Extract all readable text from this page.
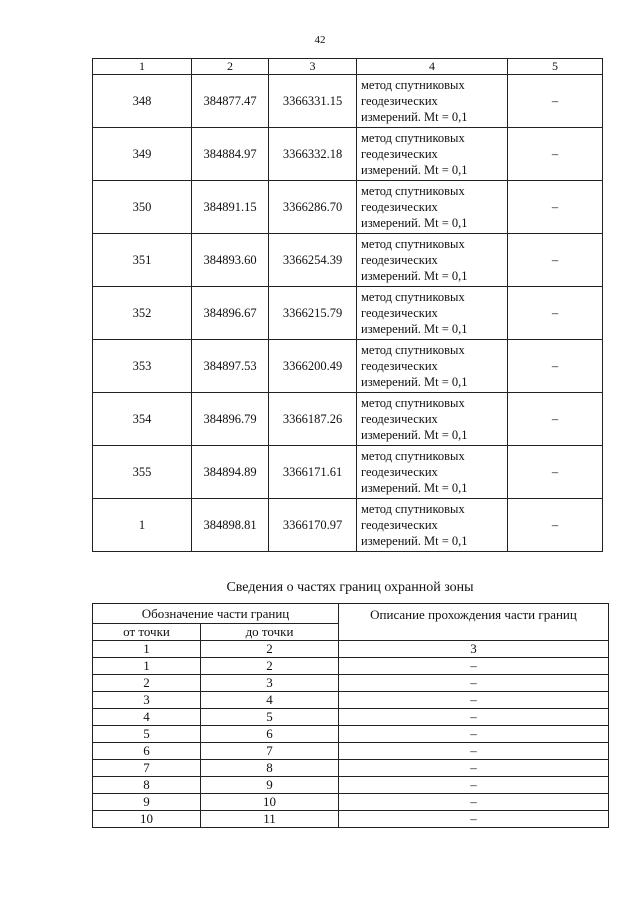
42
1	2	3	4	5
348	384877.47	3366331.15	метод спутниковых
геодезических
измерений. Mt = 0,1	–
349	384884.97	3366332.18	метод спутниковых
геодезических
измерений. Mt = 0,1	–
350	384891.15	3366286.70	метод спутниковых
геодезических
измерений. Mt = 0,1	–
351	384893.60	3366254.39	метод спутниковых
геодезических
измерений. Mt = 0,1	–
352	384896.67	3366215.79	метод спутниковых
геодезических
измерений. Mt = 0,1	–
353	384897.53	3366200.49	метод спутниковых
геодезических
измерений. Mt = 0,1	–
354	384896.79	3366187.26	метод спутниковых
геодезических
измерений. Mt = 0,1	–
355	384894.89	3366171.61	метод спутниковых
геодезических
измерений. Mt = 0,1	–
1	384898.81	3366170.97	метод спутниковых
геодезических
измерений. Mt = 0,1	–
Сведения о частях границ охранной зоны
Обозначение части границ		Описание прохождения части границ
от точки	до точки	
1	2	3
1	2	–
2	3	–
3	4	–
4	5	–
5	6	–
6	7	–
7	8	–
8	9	–
9	10	–
10	11	–
